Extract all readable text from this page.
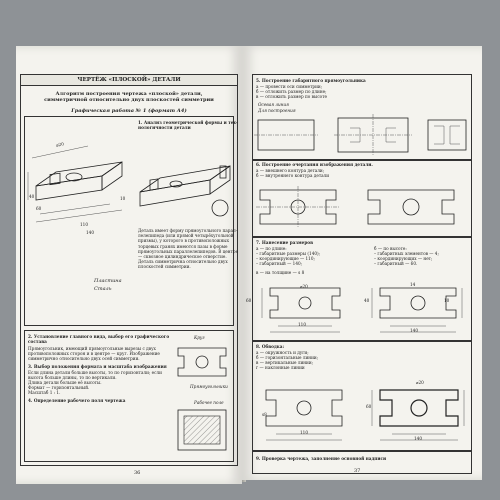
ЧЕРТЁЖ «ПЛОСКОЙ» ДЕТАЛИ
Алгоритм построения чертежа «плоской» детали,
симметричной относительно двух плоскостей симметрии
Графическая работа № 1 (формат А4)
⌀20
40
60
110
140
10
Пластина
Сталь
1. Анализ геометрической формы и тех-
нологичности детали
Деталь имеет форму прямоугольного парал-
лелепипеда (или прямой четырёхугольной
призмы), у которого в противоположных
торцевых гранях имеются пазы в форме
прямоугольных параллелепипедов. В центре
— сквозное цилиндрическое отверстие.
Деталь симметрична относительно двух
плоскостей симметрии.
2. Установление главного вида, выбор его графического
состава
Прямоугольник, имеющий прямоугольные вырезы с двух
противоположных сторон и в центре — круг. Изображение
симметрично относительно двух осей симметрии.
3. Выбор положения формата и масштаба изображения
Если длина детали больше высоты, то по горизонтали; если
высота больше длины, то по вертикали.
Длина детали больше её высоты.
Формат — горизонтальный.
Масштаб 1 : 1.
4. Определение рабочего поля чертежа
Круг
Прямоугольники
Рабочее поле
36
5. Построение габаритного прямоугольника
а — провести оси симметрии;
б — отложить размер по длине;
в — отложить размер по высоте
Осевая линия
Для построения
6. Построение очертания изображения детали.
а — внешнего контура детали;
б — внутреннего контура детали
7. Нанесение размеров
а — по длине:
– габаритные размеры (140);
– координирующие — 110;
– габаритный — 140;
б — по высоте:
– габаритных элементов — 4;
– координирующих — нет;
– габаритный — 60.
в — на толщине — s 8
⌀20	14
10
40
60
110
140
8. Обводка:
а — окружность и дуги;
б — горизонтальные линии;
в — вертикальные линии;
г — наклонные линии
⌀20
60
110
140
s8
9. Проверка чертежа, заполнение основной надписи
37
